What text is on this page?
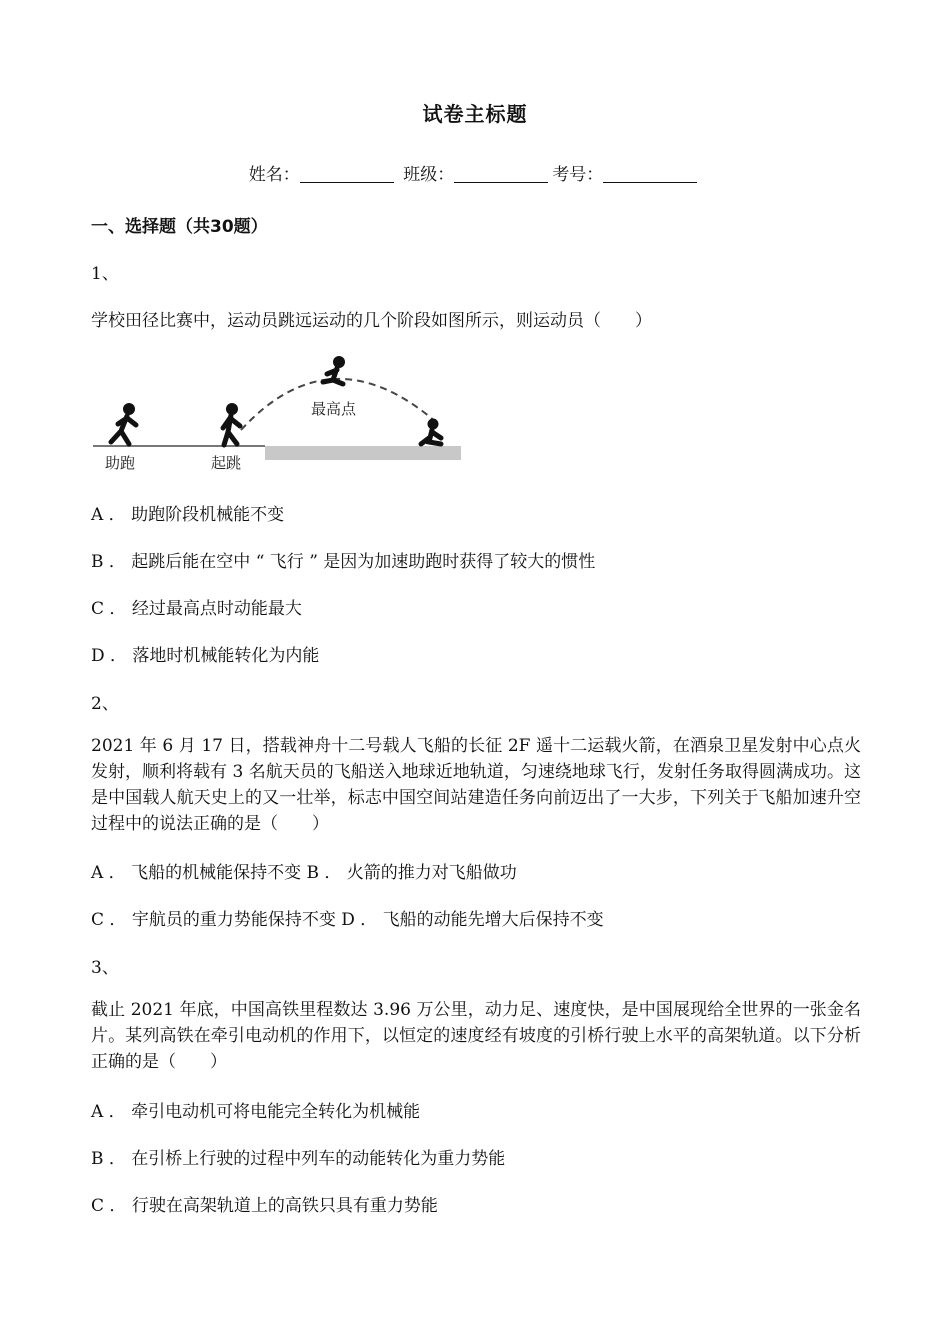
试卷主标题
姓名：	班级：	考号：
一、选择题（共30题）
1、
学校田径比赛中，运动员跳远运动的几个阶段如图所示，则运动员（　　）
助跑	起跳
最高点
A ． 助跑阶段机械能不变
B ． 起跳后能在空中 “ 飞行 ” 是因为加速助跑时获得了较大的惯性
C ． 经过最高点时动能最大
D ． 落地时机械能转化为内能
2、
2021 年 6 月 17 日，搭载神舟十二号载人飞船的长征 2F 遥十二运载火箭，在酒泉卫星发射中心点火发射，顺利将载有 3 名航天员的飞船送入地球近地轨道，匀速绕地球飞行，发射任务取得圆满成功。这是中国载人航天史上的又一壮举，标志中国空间站建造任务向前迈出了一大步，下列关于飞船加速升空过程中的说法正确的是（　　）
A ． 飞船的机械能保持不变 B ． 火箭的推力对飞船做功
C ． 宇航员的重力势能保持不变 D ． 飞船的动能先增大后保持不变
3、
截止 2021 年底，中国高铁里程数达 3.96 万公里，动力足、速度快，是中国展现给全世界的一张金名片。某列高铁在牵引电动机的作用下，以恒定的速度经有坡度的引桥行驶上水平的高架轨道。以下分析正确的是（　　）
A ． 牵引电动机可将电能完全转化为机械能
B ． 在引桥上行驶的过程中列车的动能转化为重力势能
C ． 行驶在高架轨道上的高铁只具有重力势能
